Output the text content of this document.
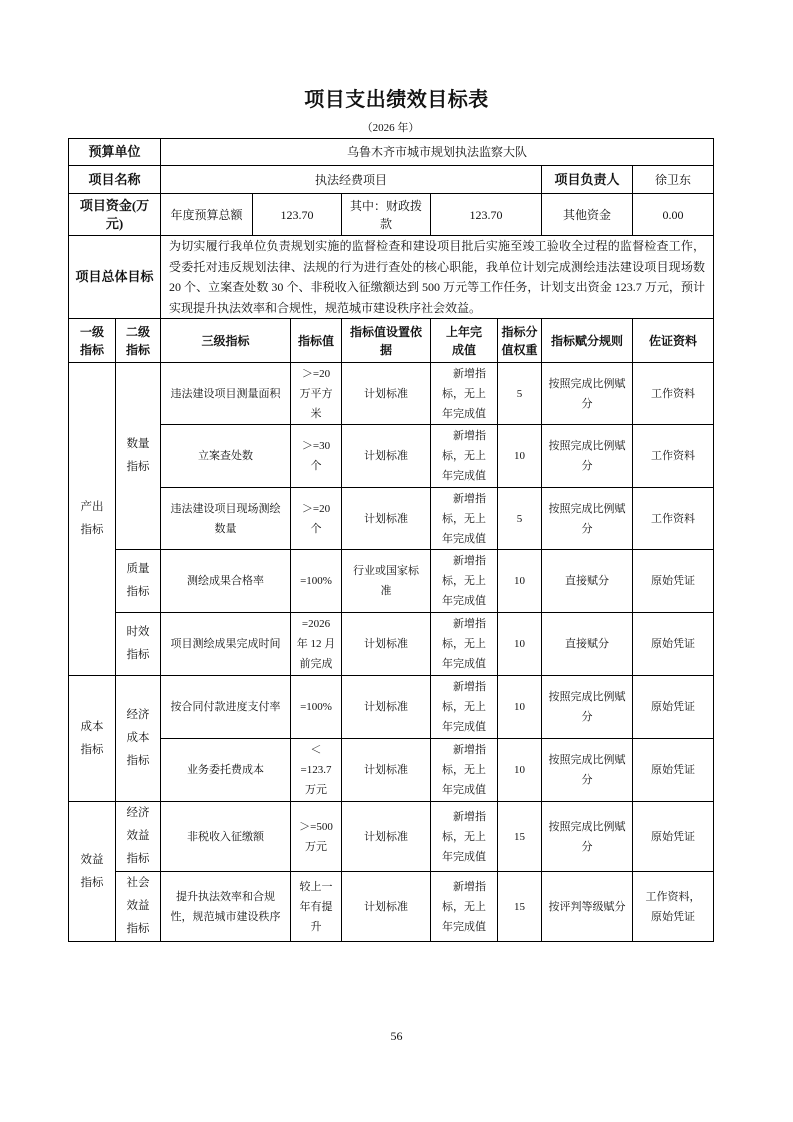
项目支出绩效目标表
（2026 年）
预算单位		乌鲁木齐市城市规划执法监察大队							
项目名称		执法经费项目						项目负责人	徐卫东
项目资金(万元)		年度预算总额	123.70		其中：财政拨款	123.70		其他资金	0.00
项目总体目标		为切实履行我单位负责规划实施的监督检查和建设项目批后实施至竣工验收全过程的监督检查工作，受委托对违反规划法律、法规的行为进行查处的核心职能，我单位计划完成测绘违法建设项目现场数 20 个、立案查处数 30 个、非税收入征缴额达到 500 万元等工作任务，计划支出资金 123.7 万元，预计实现提升执法效率和合规性，规范城市建设秩序社会效益。							
一级指标	二级指标	三级指标		指标值	指标值设置依据	上年完成值	指标分值权重	指标赋分规则	佐证资料
产出指标	数量指标	违法建设项目测量面积		＞=20 万平方米	计划标准	新增指标，无上年完成值	5	按照完成比例赋分	工作资料
		立案查处数		＞=30 个	计划标准	新增指标，无上年完成值	10	按照完成比例赋分	工作资料
		违法建设项目现场测绘数量		＞=20 个	计划标准	新增指标，无上年完成值	5	按照完成比例赋分	工作资料
	质量指标	测绘成果合格率		=100%	行业或国家标准	新增指标，无上年完成值	10	直接赋分	原始凭证
	时效指标	项目测绘成果完成时间		=2026 年 12 月前完成	计划标准	新增指标，无上年完成值	10	直接赋分	原始凭证
成本指标	经济成本指标	按合同付款进度支付率		=100%	计划标准	新增指标，无上年完成值	10	按照完成比例赋分	原始凭证
		业务委托费成本		＜=123.7 万元	计划标准	新增指标，无上年完成值	10	按照完成比例赋分	原始凭证
效益指标	经济效益指标	非税收入征缴额		＞=500 万元	计划标准	新增指标，无上年完成值	15	按照完成比例赋分	原始凭证
	社会效益指标	提升执法效率和合规性，规范城市建设秩序		较上一年有提升	计划标准	新增指标，无上年完成值	15	按评判等级赋分	工作资料，原始凭证
56
